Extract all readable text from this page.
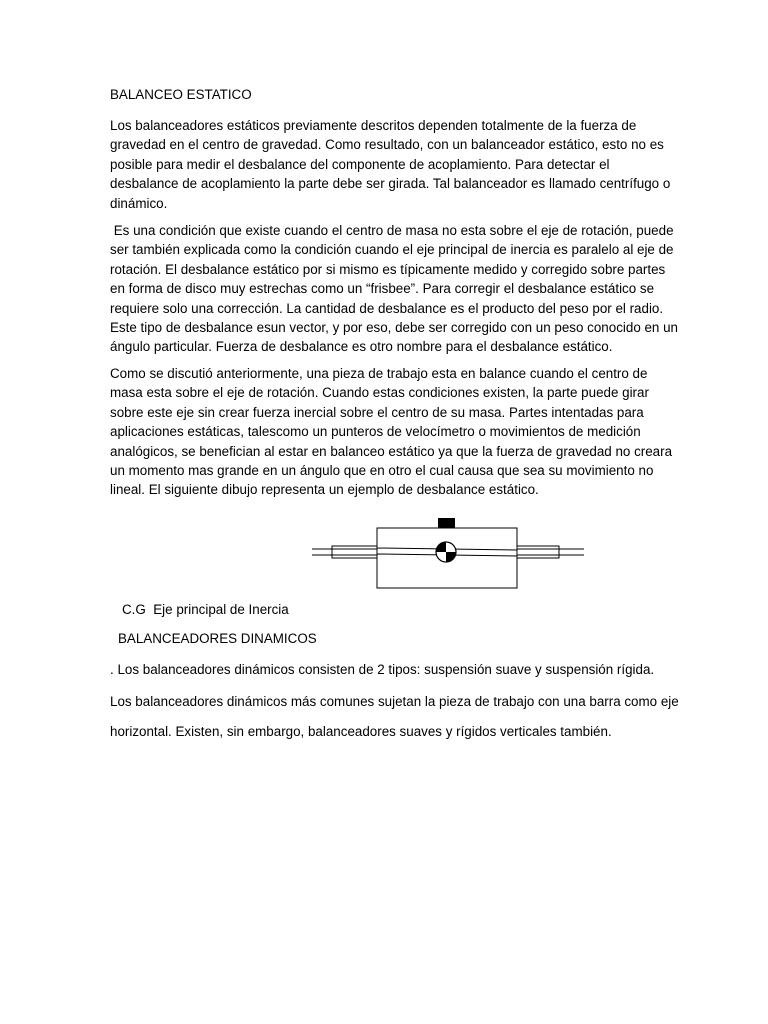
BALANCEO ESTATICO
Los balanceadores estáticos previamente descritos dependen totalmente de la fuerza de
gravedad en el centro de gravedad. Como resultado, con un balanceador estático, esto no es
posible para medir el desbalance del componente de acoplamiento. Para detectar el
desbalance de acoplamiento la parte debe ser girada. Tal balanceador es llamado centrífugo o
dinámico.
Es una condición que existe cuando el centro de masa no esta sobre el eje de rotación, puede
ser también explicada como la condición cuando el eje principal de inercia es paralelo al eje de
rotación. El desbalance estático por si mismo es típicamente medido y corregido sobre partes
en forma de disco muy estrechas como un “frisbee”. Para corregir el desbalance estático se
requiere solo una corrección. La cantidad de desbalance es el producto del peso por el radio.
Este tipo de desbalance esun vector, y por eso, debe ser corregido con un peso conocido en un
ángulo particular. Fuerza de desbalance es otro nombre para el desbalance estático.
Como se discutió anteriormente, una pieza de trabajo esta en balance cuando el centro de
masa esta sobre el eje de rotación. Cuando estas condiciones existen, la parte puede girar
sobre este eje sin crear fuerza inercial sobre el centro de su masa. Partes intentadas para
aplicaciones estáticas, talescomo un punteros de velocímetro o movimientos de medición
analógicos, se benefician al estar en balanceo estático ya que la fuerza de gravedad no creara
un momento mas grande en un ángulo que en otro el cual causa que sea su movimiento no
lineal. El siguiente dibujo representa un ejemplo de desbalance estático.
C.G  Eje principal de Inercia
BALANCEADORES DINAMICOS
. Los balanceadores dinámicos consisten de 2 tipos: suspensión suave y suspensión rígida.
Los balanceadores dinámicos más comunes sujetan la pieza de trabajo con una barra como eje
horizontal. Existen, sin embargo, balanceadores suaves y rígidos verticales también.
